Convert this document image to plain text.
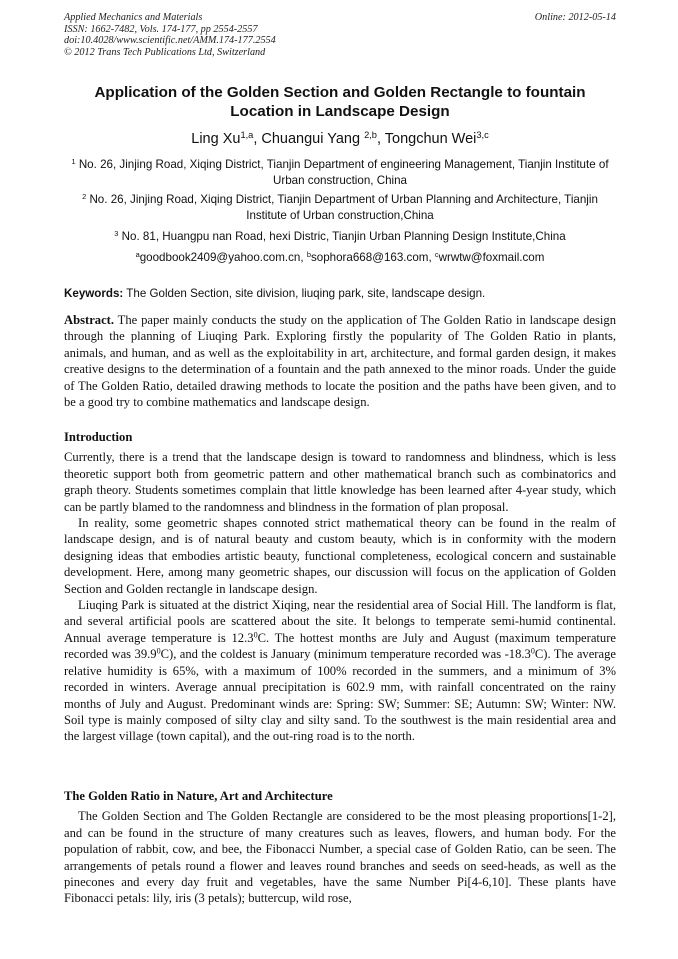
Applied Mechanics and Materials	Online: 2012-05-14
ISSN: 1662-7482, Vols. 174-177, pp 2554-2557
doi:10.4028/www.scientific.net/AMM.174-177.2554
© 2012 Trans Tech Publications Ltd, Switzerland
Application of the Golden Section and Golden Rectangle to fountain
Location in Landscape Design
Ling Xu$^{1,a}$, Chuangui Yang $^{2,b}$, Tongchun Wei$^{3,c}$
$^1$ No. 26, Jinjing Road, Xiqing District, Tianjin Department of engineering Management, Tianjin Institute of Urban construction, China
$^2$ No. 26, Jinjing Road, Xiqing District, Tianjin Department of Urban Planning and Architecture, Tianjin Institute of Urban construction,China
$^3$ No. 81, Huangpu nan Road, hexi Distric, Tianjin Urban Planning Design Institute,China
$^a$goodbook2409@yahoo.com.cn, $^b$sophora668@163.com, $^c$wrwtw@foxmail.com
Keywords: The Golden Section, site division, liuqing park, site, landscape design.
Abstract. The paper mainly conducts the study on the application of The Golden Ratio in landscape design through the planning of Liuqing Park. Exploring firstly the popularity of The Golden Ratio in plants, animals, and human, and as well as the exploitability in art, architecture, and formal garden design, it makes creative designs to the determination of a fountain and the path annexed to the minor roads. Under the guide of The Golden Ratio, detailed drawing methods to locate the position and the paths have been given, and to be a good try to combine mathematics and landscape design.
Introduction

Currently, there is a trend that the landscape design is toward to randomness and blindness, which is less theoretic support both from geometric pattern and other mathematical branch such as combinatorics and graph theory. Students sometimes complain that little knowledge has been learned after 4-year study, which can be partly blamed to the randomness and blindness in the formation of plan proposal.

In reality, some geometric shapes connoted strict mathematical theory can be found in the realm of landscape design, and is of natural beauty and custom beauty, which is in conformity with the modern designing ideas that embodies artistic beauty, functional completeness, ecological concern and sustainable development. Here, among many geometric shapes, our discussion will focus on the application of Golden Section and Golden rectangle in landscape design.

Liuqing Park is situated at the district Xiqing, near the residential area of Social Hill. The landform is flat, and several artificial pools are scattered about the site. It belongs to temperate semi-humid continental. Annual average temperature is 12.3$^0$C. The hottest months are July and August (maximum temperature recorded was 39.9$^0$C), and the coldest is January (minimum temperature recorded was -18.3$^0$C). The average relative humidity is 65%, with a maximum of 100% recorded in the summers, and a minimum of 3% recorded in winters. Average annual precipitation is 602.9 mm, with rainfall concentrated on the rainy months of July and August. Predominant winds are: Spring: SW; Summer: SE; Autumn: SW; Winter: NW. Soil type is mainly composed of silty clay and silty sand. To the southwest is the main residential area and the largest village (town capital), and the out-ring road is to the north.

The Golden Ratio in Nature, Art and Architecture

The Golden Section and The Golden Rectangle are considered to be the most pleasing proportions[1-2], and can be found in the structure of many creatures such as leaves, flowers, and human body. For the population of rabbit, cow, and bee, the Fibonacci Number, a special case of Golden Ratio, can be seen. The arrangements of petals round a flower and leaves round branches and seeds on seed-heads, as well as the pinecones and every day fruit and vegetables, have the same Number Pi[4-6,10]. These plants have Fibonacci petals: lily, iris (3 petals); buttercup, wild rose,
